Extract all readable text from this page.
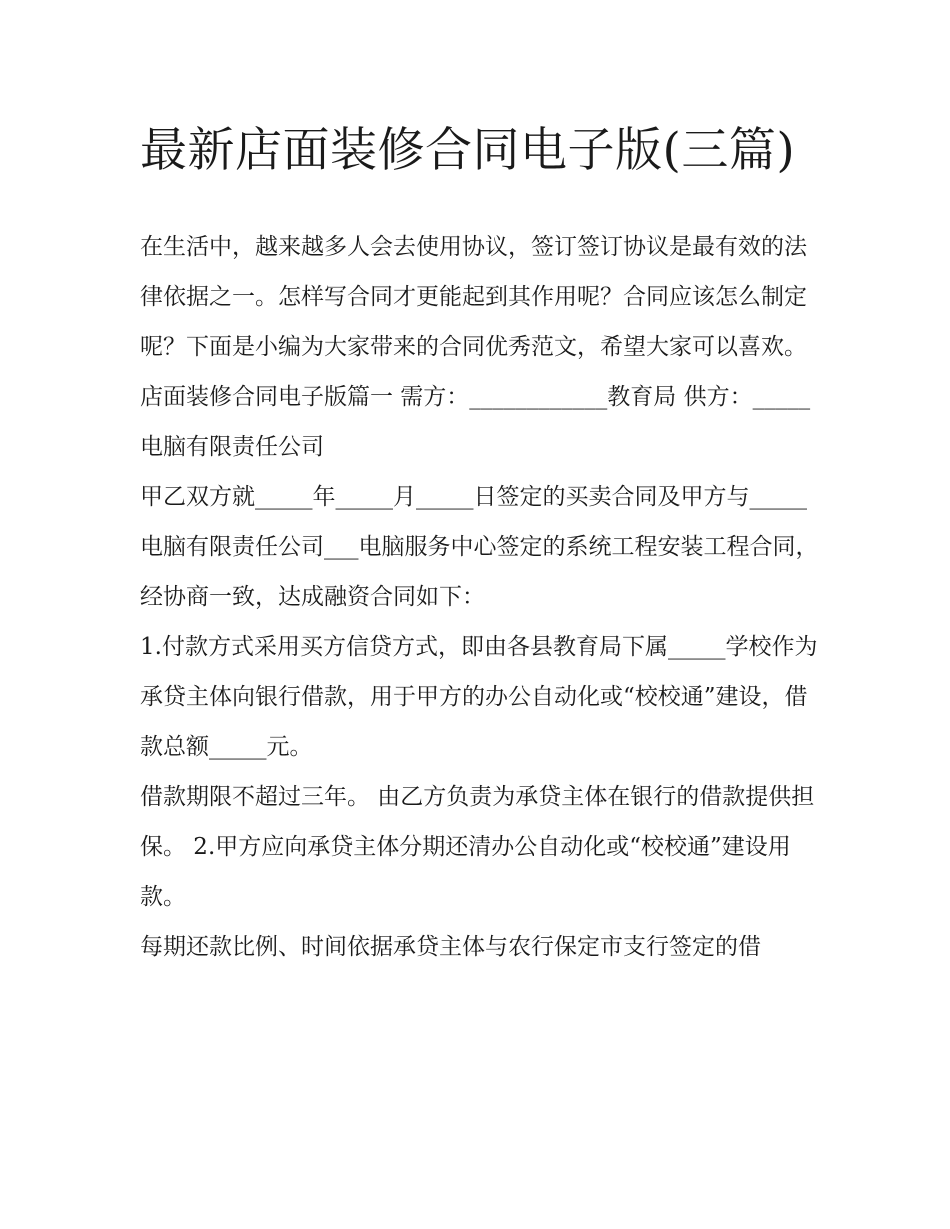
最新店面装修合同电子版(三篇)

在生活中，越来越多人会去使用协议，签订签订协议是最有效的法律依据之一。怎样写合同才更能起到其作用呢？合同应该怎么制定呢？下面是小编为大家带来的合同优秀范文，希望大家可以喜欢。

店面装修合同电子版篇一 需方：____________教育局 供方：_____电脑有限责任公司

甲乙双方就_____年_____月_____日签定的买卖合同及甲方与_____电脑有限责任公司___电脑服务中心签定的系统工程安装工程合同，经协商一致，达成融资合同如下：

1.付款方式采用买方信贷方式，即由各县教育局下属_____学校作为承贷主体向银行借款，用于甲方的办公自动化或“校校通”建设，借款总额_____元。

借款期限不超过三年。 由乙方负责为承贷主体在银行的借款提供担保。 2.甲方应向承贷主体分期还清办公自动化或“校校通”建设用款。

每期还款比例、时间依据承贷主体与农行保定市支行签定的借
